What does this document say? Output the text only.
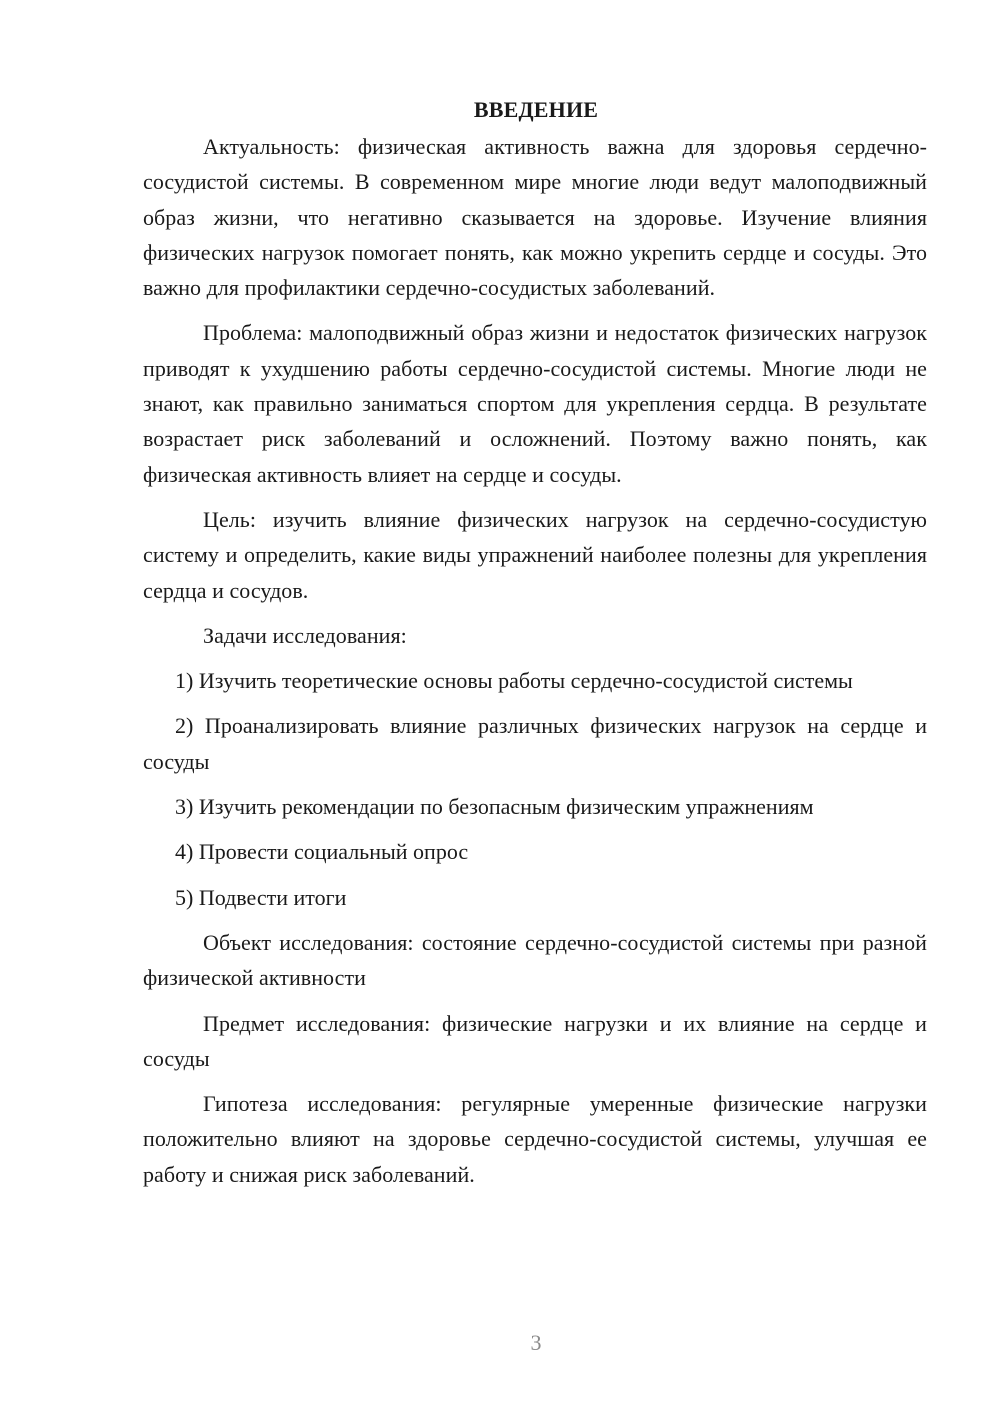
ВВЕДЕНИЕ

Актуальность: физическая активность важна для здоровья сердечно-сосудистой системы. В современном мире многие люди ведут малоподвижный образ жизни, что негативно сказывается на здоровье. Изучение влияния физических нагрузок помогает понять, как можно укрепить сердце и сосуды. Это важно для профилактики сердечно-сосудистых заболеваний.

Проблема: малоподвижный образ жизни и недостаток физических нагрузок приводят к ухудшению работы сердечно-сосудистой системы. Многие люди не знают, как правильно заниматься спортом для укрепления сердца. В результате возрастает риск заболеваний и осложнений. Поэтому важно понять, как физическая активность влияет на сердце и сосуды.

Цель: изучить влияние физических нагрузок на сердечно-сосудистую систему и определить, какие виды упражнений наиболее полезны для укрепления сердца и сосудов.

Задачи исследования:

1) Изучить теоретические основы работы сердечно-сосудистой системы

2) Проанализировать влияние различных физических нагрузок на сердце и сосуды

3) Изучить рекомендации по безопасным физическим упражнениям

4) Провести социальный опрос

5) Подвести итоги

Объект исследования: состояние сердечно-сосудистой системы при разной физической активности

Предмет исследования: физические нагрузки и их влияние на сердце и сосуды

Гипотеза исследования: регулярные умеренные физические нагрузки положительно влияют на здоровье сердечно-сосудистой системы, улучшая ее работу и снижая риск заболеваний.

3
